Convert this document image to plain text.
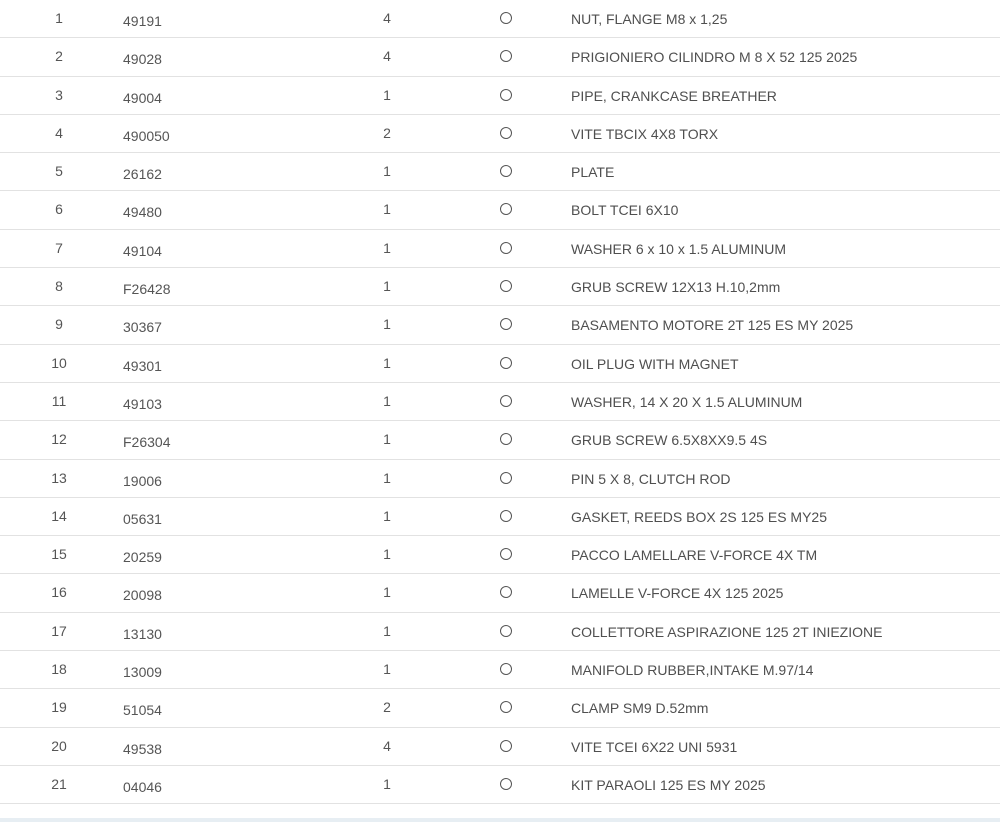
1	49191	4	NUT, FLANGE M8 x 1,25
2	49028	4	PRIGIONIERO CILINDRO M 8 X 52 125 2025
3	49004	1	PIPE, CRANKCASE BREATHER
4	490050	2	VITE TBCIX 4X8 TORX
5	26162	1	PLATE
6	49480	1	BOLT TCEI 6X10
7	49104	1	WASHER 6 x 10 x 1.5 ALUMINUM
8	F26428	1	GRUB SCREW 12X13 H.10,2mm
9	30367	1	BASAMENTO MOTORE 2T 125 ES MY 2025
10	49301	1	OIL PLUG WITH MAGNET
11	49103	1	WASHER, 14 X 20 X 1.5 ALUMINUM
12	F26304	1	GRUB SCREW 6.5X8XX9.5 4S
13	19006	1	PIN 5 X 8, CLUTCH ROD
14	05631	1	GASKET, REEDS BOX 2S 125 ES MY25
15	20259	1	PACCO LAMELLARE V-FORCE 4X TM
16	20098	1	LAMELLE V-FORCE 4X 125 2025
17	13130	1	COLLETTORE ASPIRAZIONE 125 2T INIEZIONE
18	13009	1	MANIFOLD RUBBER,INTAKE M.97/14
19	51054	2	CLAMP SM9 D.52mm
20	49538	4	VITE TCEI 6X22 UNI 5931
21	04046	1	KIT PARAOLI 125 ES MY 2025
